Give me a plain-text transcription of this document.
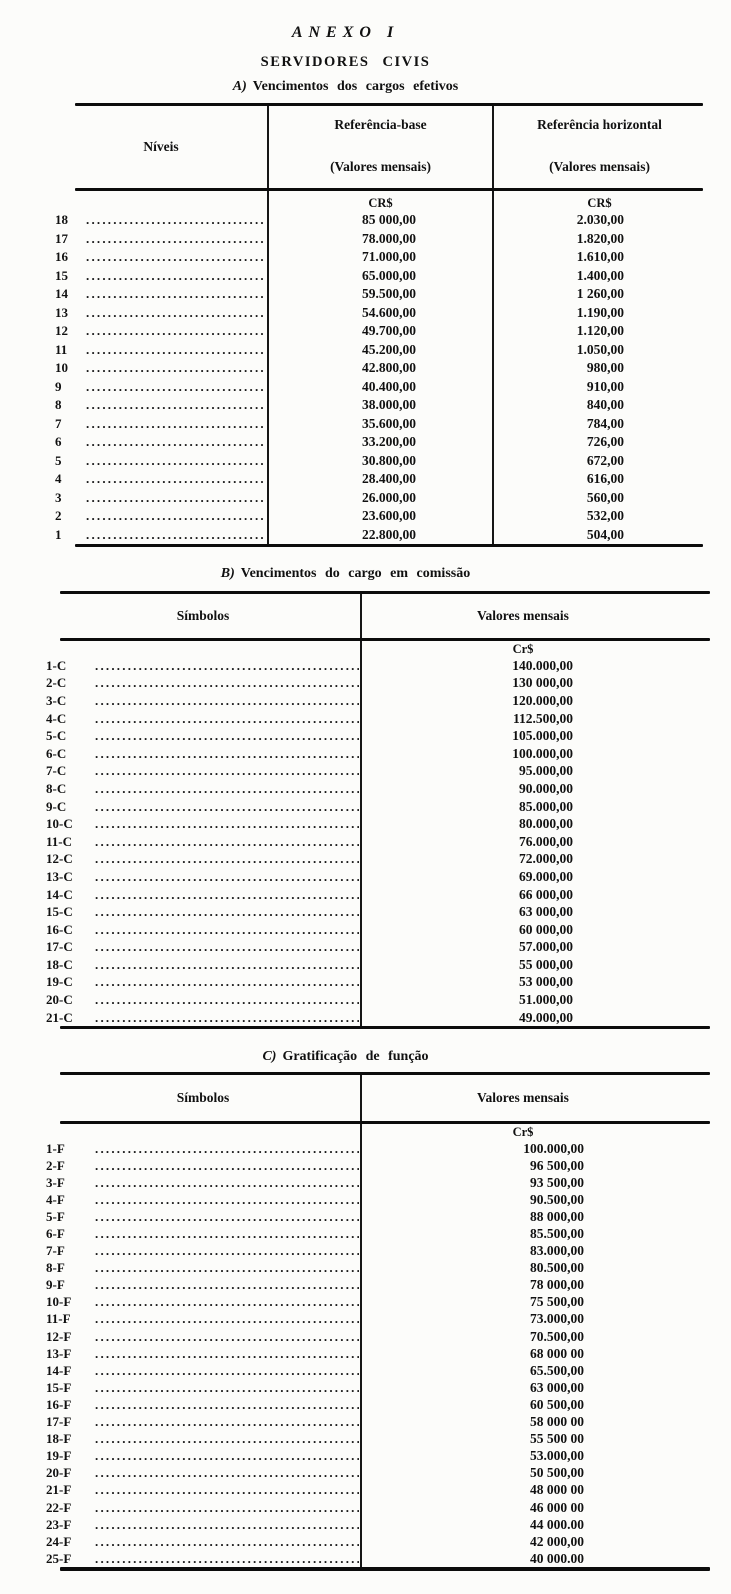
ANEXO I
SERVIDORES CIVIS
A) Vencimentos dos cargos efetivos
Níveis
Referência-base
(Valores mensais)
Referência horizontal
(Valores mensais)
CR$	CR$
18 .....	85 000,00	2.030,00
17 .....	78.000,00	1.820,00
16 .....	71.000,00	1.610,00
15 .....	65.000,00	1.400,00
14 .....	59.500,00	1 260,00
13 .....	54.600,00	1.190,00
12 .....	49.700,00	1.120,00
11 .....	45.200,00	1.050,00
10 .....	42.800,00	980,00
9 .....	40.400,00	910,00
8 .....	38.000,00	840,00
7 .....	35.600,00	784,00
6 .....	33.200,00	726,00
5 .....	30.800,00	672,00
4 .....	28.400,00	616,00
3 .....	26.000,00	560,00
2 .....	23.600,00	532,00
1 .....	22.800,00	504,00
B) Vencimentos do cargo em comissão
Símbolos	Valores mensais
Cr$
1-C .....	140.000,00
2-C .....	130 000,00
3-C .....	120.000,00
4-C .....	112.500,00
5-C .....	105.000,00
6-C .....	100.000,00
7-C .....	95.000,00
8-C .....	90.000,00
9-C .....	85.000,00
10-C .....	80.000,00
11-C .....	76.000,00
12-C .....	72.000,00
13-C .....	69.000,00
14-C .....	66 000,00
15-C .....	63 000,00
16-C .....	60 000,00
17-C .....	57.000,00
18-C .....	55 000,00
19-C .....	53 000,00
20-C .....	51.000,00
21-C .....	49.000,00
C) Gratificação de função
Símbolos	Valores mensais
Cr$
1-F .....	100.000,00
2-F .....	96 500,00
3-F .....	93 500,00
4-F .....	90.500,00
5-F .....	88 000,00
6-F .....	85.500,00
7-F .....	83.000,00
8-F .....	80.500,00
9-F .....	78 000,00
10-F .....	75 500,00
11-F .....	73.000,00
12-F .....	70.500,00
13-F .....	68 000 00
14-F .....	65.500,00
15-F .....	63 000,00
16-F .....	60 500,00
17-F .....	58 000 00
18-F .....	55 500 00
19-F .....	53.000,00
20-F .....	50 500,00
21-F .....	48 000 00
22-F .....	46 000 00
23-F .....	44 000.00
24-F .....	42 000,00
25-F .....	40 000.00
